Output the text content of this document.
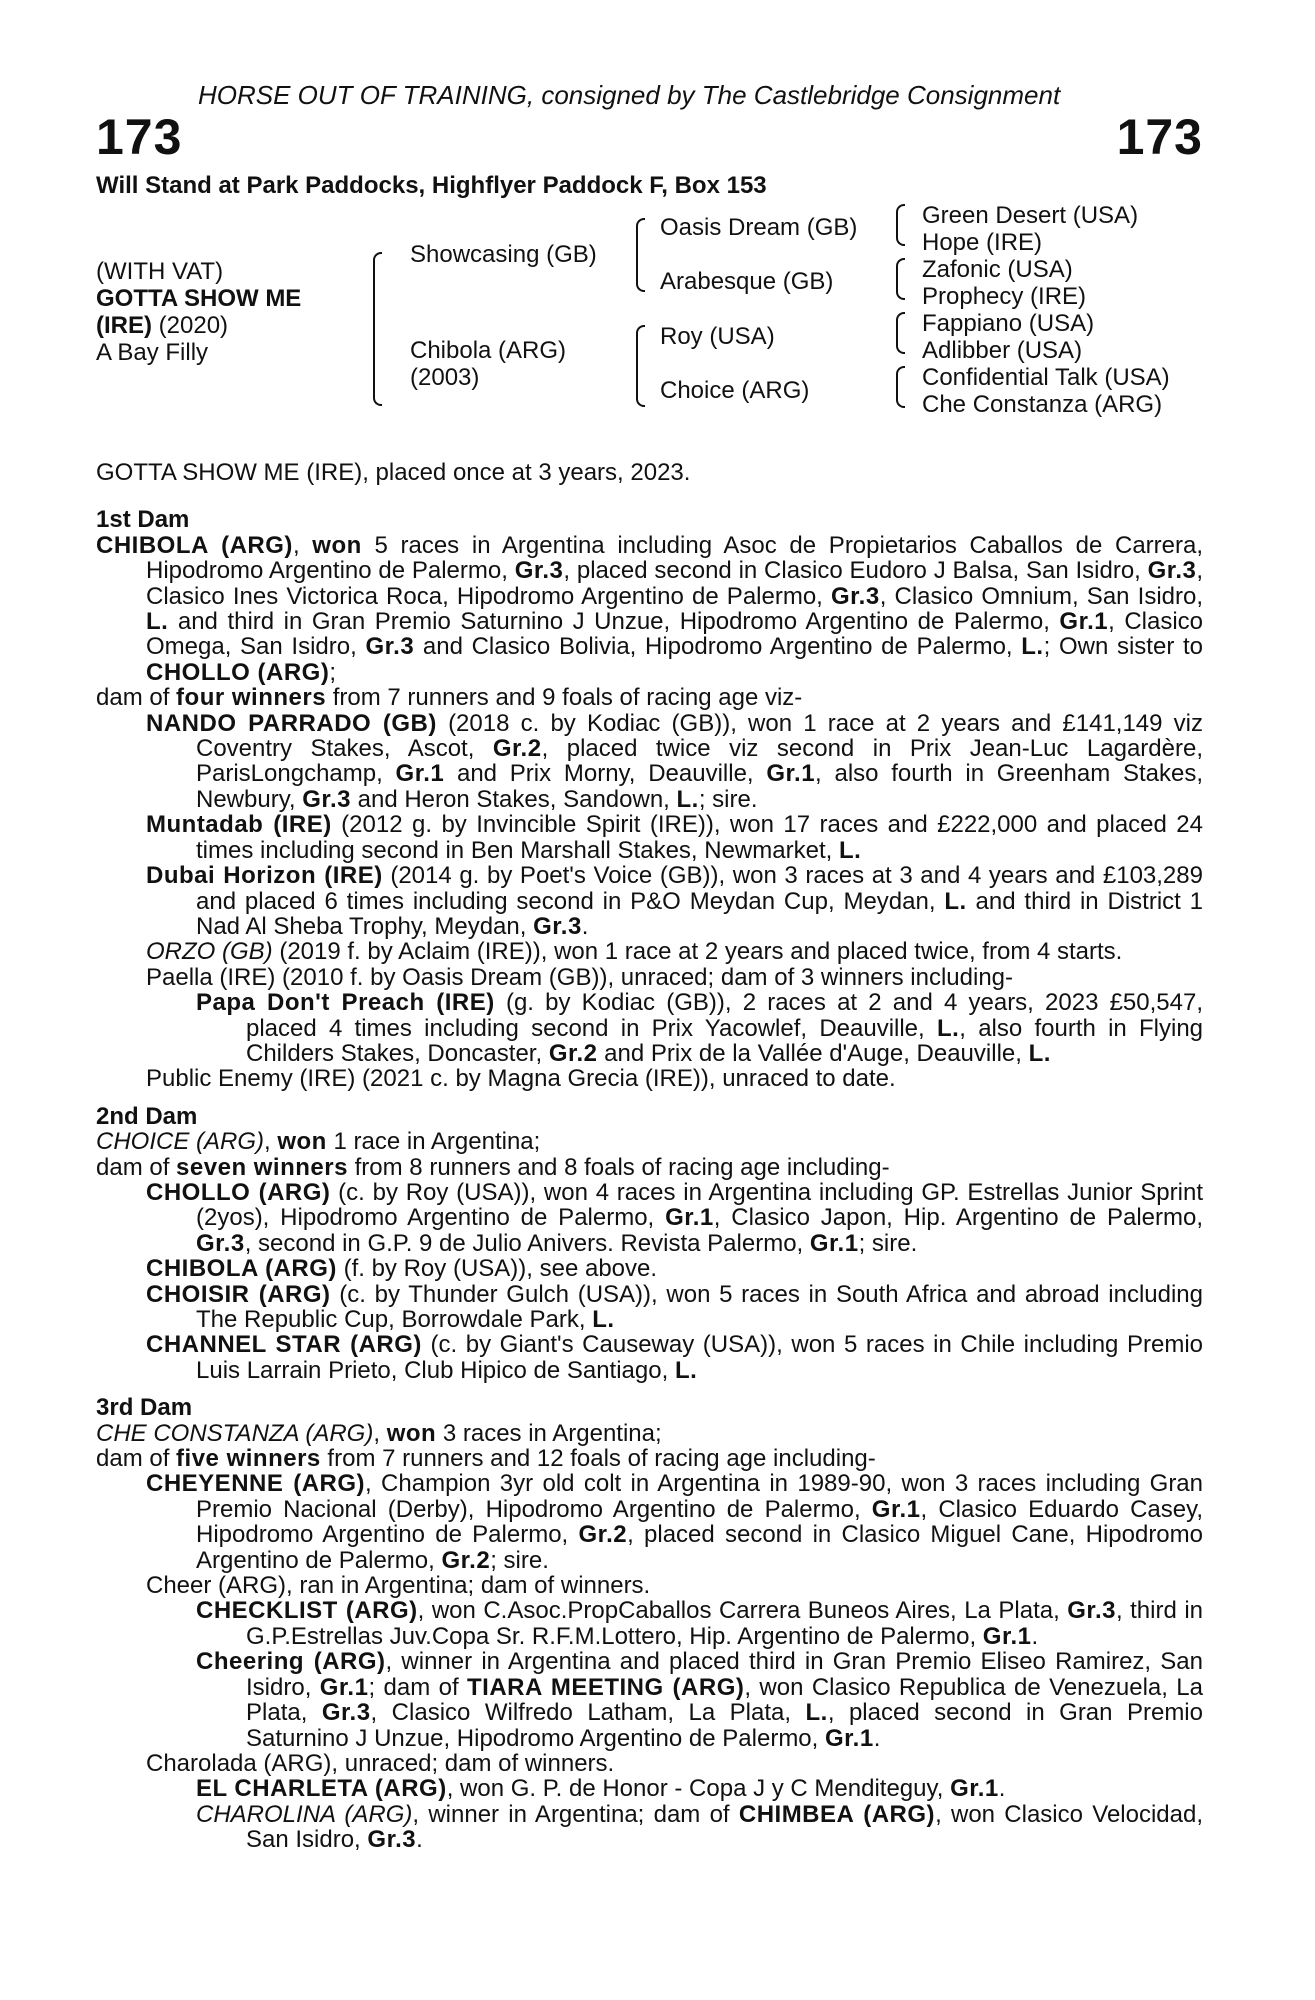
HORSE OUT OF TRAINING, consigned by The Castlebridge Consignment
173	173
Will Stand at Park Paddocks, Highflyer Paddock F, Box 153
(WITH VAT)
GOTTA SHOW ME
(IRE) (2020)
A Bay Filly
Showcasing (GB)
Chibola (ARG)
(2003)
Oasis Dream (GB)
Arabesque (GB)
Roy (USA)
Choice (ARG)
Green Desert (USA)
Hope (IRE)
Zafonic (USA)
Prophecy (IRE)
Fappiano (USA)
Adlibber (USA)
Confidential Talk (USA)
Che Constanza (ARG)

GOTTA SHOW ME (IRE), placed once at 3 years, 2023.

1st Dam

CHIBOLA (ARG), won 5 races in Argentina including Asoc de Propietarios Caballos de Carrera, Hipodromo Argentino de Palermo, Gr.3, placed second in Clasico Eudoro J Balsa, San Isidro, Gr.3, Clasico Ines Victorica Roca, Hipodromo Argentino de Palermo, Gr.3, Clasico Omnium, San Isidro, L. and third in Gran Premio Saturnino J Unzue, Hipodromo Argentino de Palermo, Gr.1, Clasico Omega, San Isidro, Gr.3 and Clasico Bolivia, Hipodromo Argentino de Palermo, L.; Own sister to CHOLLO (ARG);

dam of four winners from 7 runners and 9 foals of racing age viz-

NANDO PARRADO (GB) (2018 c. by Kodiac (GB)), won 1 race at 2 years and £141,149 viz Coventry Stakes, Ascot, Gr.2, placed twice viz second in Prix Jean-Luc Lagardère, ParisLongchamp, Gr.1 and Prix Morny, Deauville, Gr.1, also fourth in Greenham Stakes, Newbury, Gr.3 and Heron Stakes, Sandown, L.; sire.

Muntadab (IRE) (2012 g. by Invincible Spirit (IRE)), won 17 races and £222,000 and placed 24 times including second in Ben Marshall Stakes, Newmarket, L.

Dubai Horizon (IRE) (2014 g. by Poet's Voice (GB)), won 3 races at 3 and 4 years and £103,289 and placed 6 times including second in P&O Meydan Cup, Meydan, L. and third in District 1 Nad Al Sheba Trophy, Meydan, Gr.3.

ORZO (GB) (2019 f. by Aclaim (IRE)), won 1 race at 2 years and placed twice, from 4 starts.

Paella (IRE) (2010 f. by Oasis Dream (GB)), unraced; dam of 3 winners including-

Papa Don't Preach (IRE) (g. by Kodiac (GB)), 2 races at 2 and 4 years, 2023 £50,547, placed 4 times including second in Prix Yacowlef, Deauville, L., also fourth in Flying Childers Stakes, Doncaster, Gr.2 and Prix de la Vallée d'Auge, Deauville, L.

Public Enemy (IRE) (2021 c. by Magna Grecia (IRE)), unraced to date.

2nd Dam

CHOICE (ARG), won 1 race in Argentina;

dam of seven winners from 8 runners and 8 foals of racing age including-

CHOLLO (ARG) (c. by Roy (USA)), won 4 races in Argentina including GP. Estrellas Junior Sprint (2yos), Hipodromo Argentino de Palermo, Gr.1, Clasico Japon, Hip. Argentino de Palermo, Gr.3, second in G.P. 9 de Julio Anivers. Revista Palermo, Gr.1; sire.

CHIBOLA (ARG) (f. by Roy (USA)), see above.

CHOISIR (ARG) (c. by Thunder Gulch (USA)), won 5 races in South Africa and abroad including The Republic Cup, Borrowdale Park, L.

CHANNEL STAR (ARG) (c. by Giant's Causeway (USA)), won 5 races in Chile including Premio Luis Larrain Prieto, Club Hipico de Santiago, L.

3rd Dam

CHE CONSTANZA (ARG), won 3 races in Argentina;

dam of five winners from 7 runners and 12 foals of racing age including-

CHEYENNE (ARG), Champion 3yr old colt in Argentina in 1989-90, won 3 races including Gran Premio Nacional (Derby), Hipodromo Argentino de Palermo, Gr.1, Clasico Eduardo Casey, Hipodromo Argentino de Palermo, Gr.2, placed second in Clasico Miguel Cane, Hipodromo Argentino de Palermo, Gr.2; sire.

Cheer (ARG), ran in Argentina; dam of winners.

CHECKLIST (ARG), won C.Asoc.PropCaballos Carrera Buneos Aires, La Plata, Gr.3, third in G.P.Estrellas Juv.Copa Sr. R.F.M.Lottero, Hip. Argentino de Palermo, Gr.1.

Cheering (ARG), winner in Argentina and placed third in Gran Premio Eliseo Ramirez, San Isidro, Gr.1; dam of TIARA MEETING (ARG), won Clasico Republica de Venezuela, La Plata, Gr.3, Clasico Wilfredo Latham, La Plata, L., placed second in Gran Premio Saturnino J Unzue, Hipodromo Argentino de Palermo, Gr.1.

Charolada (ARG), unraced; dam of winners.

EL CHARLETA (ARG), won G. P. de Honor - Copa J y C Menditeguy, Gr.1.

CHAROLINA (ARG), winner in Argentina; dam of CHIMBEA (ARG), won Clasico Velocidad, San Isidro, Gr.3.
